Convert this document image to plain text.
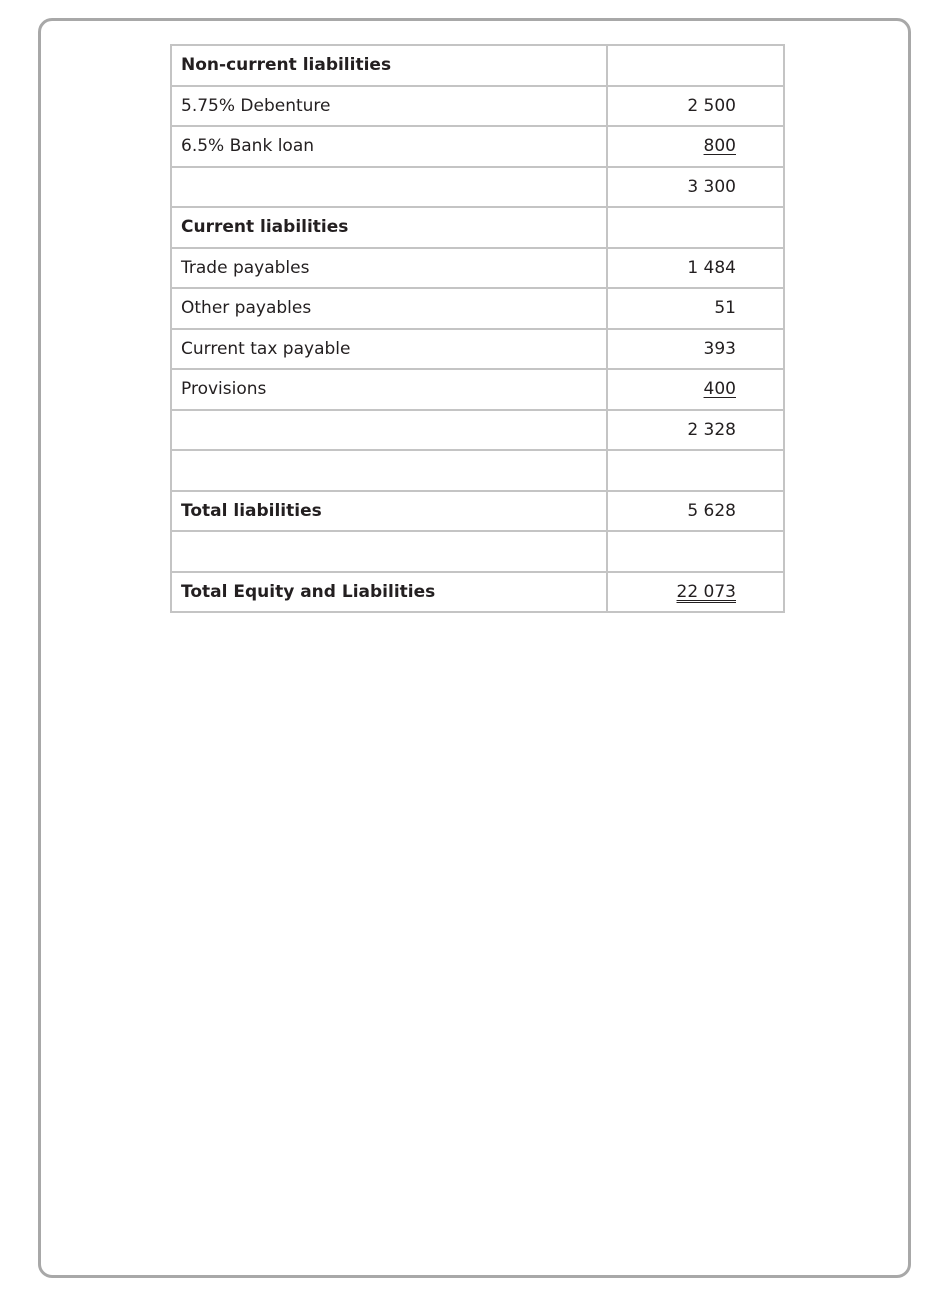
Non-current liabilities	
5.75% Debenture	2 500
6.5% Bank loan	800
	3 300
Current liabilities	
Trade payables	1 484
Other payables	51
Current tax payable	393
Provisions	400
	2 328

Total liabilities	5 628

Total Equity and Liabilities	22 073
